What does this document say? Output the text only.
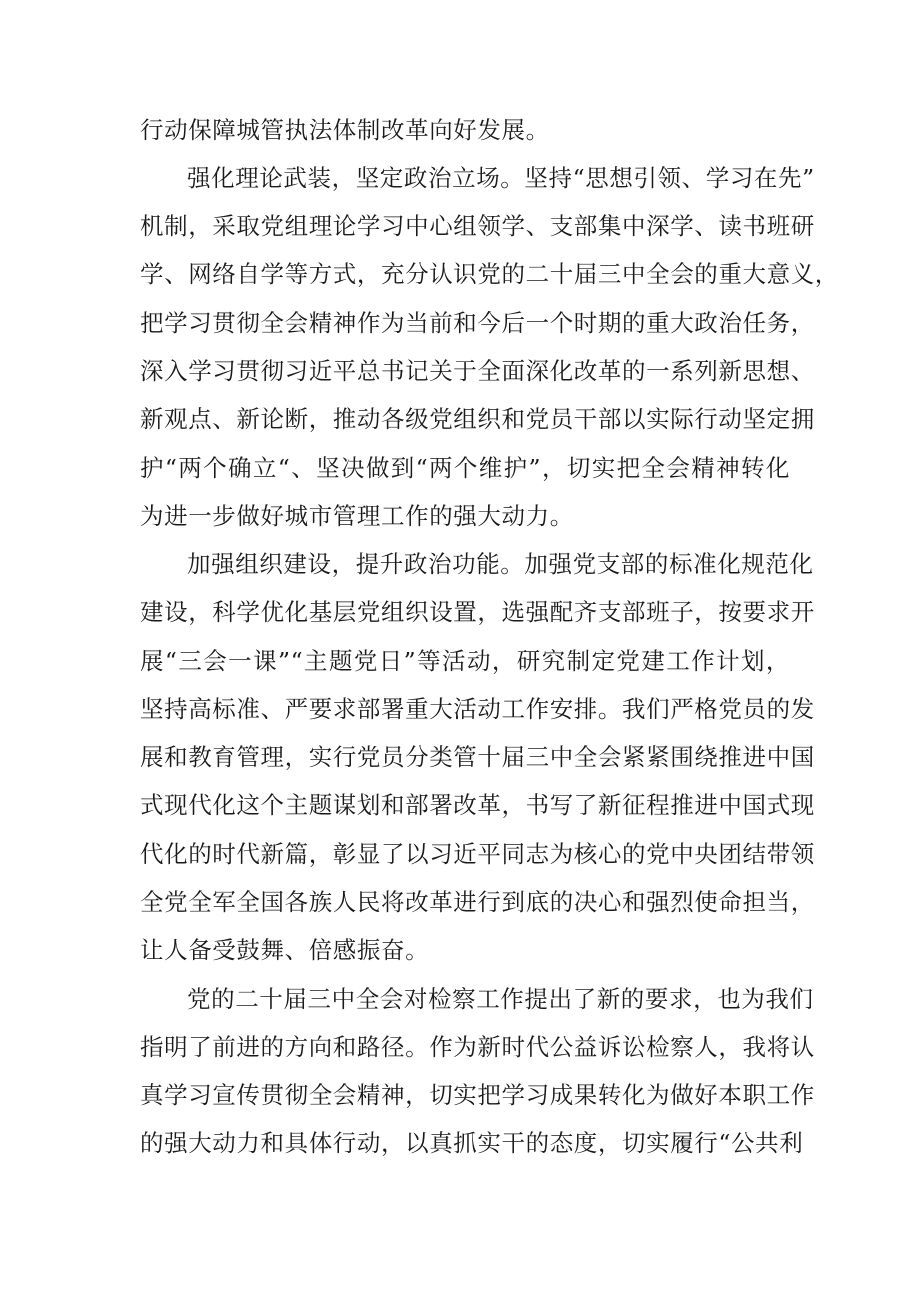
行动保障城管执法体制改革向好发展。
强化理论武装，坚定政治立场。坚持“思想引领、学习在先”
机制，采取党组理论学习中心组领学、支部集中深学、读书班研
学、网络自学等方式，充分认识党的二十届三中全会的重大意义，
把学习贯彻全会精神作为当前和今后一个时期的重大政治任务，
深入学习贯彻习近平总书记关于全面深化改革的一系列新思想、
新观点、新论断，推动各级党组织和党员干部以实际行动坚定拥
护“两个确立“、坚决做到“两个维护”，切实把全会精神转化
为进一步做好城市管理工作的强大动力。
加强组织建设，提升政治功能。加强党支部的标准化规范化
建设，科学优化基层党组织设置，选强配齐支部班子，按要求开
展“三会一课”“主题党日”等活动，研究制定党建工作计划，
坚持高标准、严要求部署重大活动工作安排。我们严格党员的发
展和教育管理，实行党员分类管十届三中全会紧紧围绕推进中国
式现代化这个主题谋划和部署改革，书写了新征程推进中国式现
代化的时代新篇，彰显了以习近平同志为核心的党中央团结带领
全党全军全国各族人民将改革进行到底的决心和强烈使命担当，
让人备受鼓舞、倍感振奋。
党的二十届三中全会对检察工作提出了新的要求，也为我们
指明了前进的方向和路径。作为新时代公益诉讼检察人，我将认
真学习宣传贯彻全会精神，切实把学习成果转化为做好本职工作
的强大动力和具体行动，以真抓实干的态度，切实履行“公共利
